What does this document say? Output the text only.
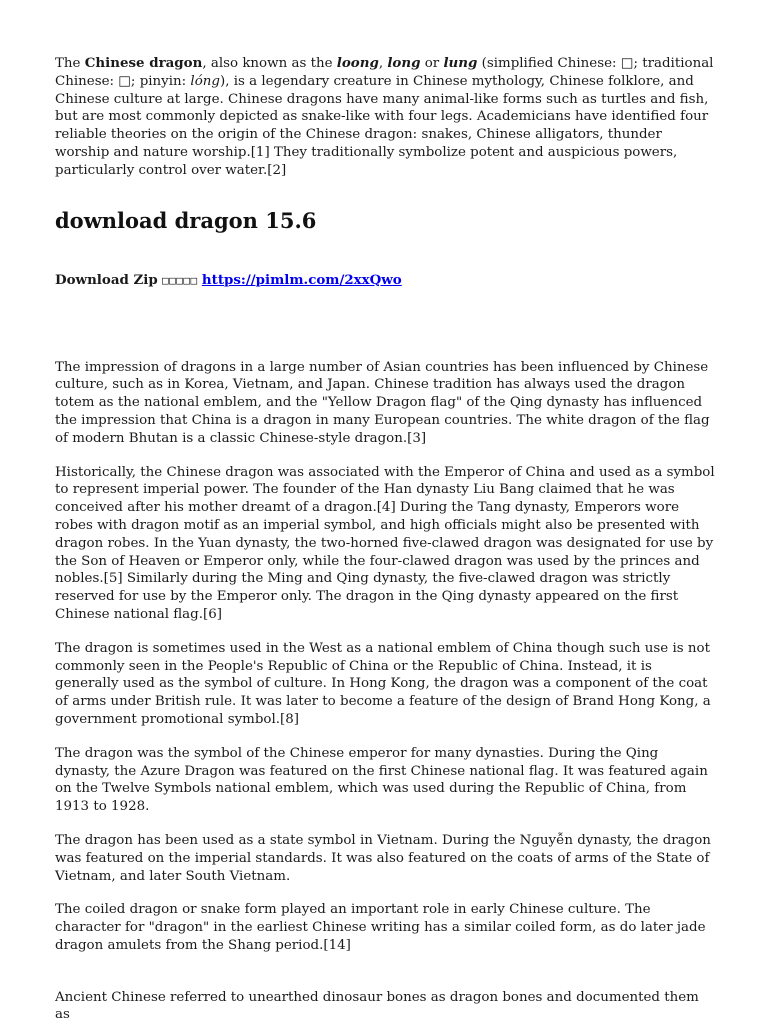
The Chinese dragon, also known as the loong, long or lung (simplified Chinese: □; traditional Chinese: □; pinyin: lóng), is a legendary creature in Chinese mythology, Chinese folklore, and Chinese culture at large. Chinese dragons have many animal-like forms such as turtles and fish, but are most commonly depicted as snake-like with four legs. Academicians have identified four reliable theories on the origin of the Chinese dragon: snakes, Chinese alligators, thunder worship and nature worship.[1] They traditionally symbolize potent and auspicious powers, particularly control over water.[2]

download dragon 15.6

Download Zip □□□□□ https://pimlm.com/2xxQwo

The impression of dragons in a large number of Asian countries has been influenced by Chinese culture, such as in Korea, Vietnam, and Japan. Chinese tradition has always used the dragon totem as the national emblem, and the "Yellow Dragon flag" of the Qing dynasty has influenced the impression that China is a dragon in many European countries. The white dragon of the flag of modern Bhutan is a classic Chinese-style dragon.[3]

Historically, the Chinese dragon was associated with the Emperor of China and used as a symbol to represent imperial power. The founder of the Han dynasty Liu Bang claimed that he was conceived after his mother dreamt of a dragon.[4] During the Tang dynasty, Emperors wore robes with dragon motif as an imperial symbol, and high officials might also be presented with dragon robes. In the Yuan dynasty, the two-horned five-clawed dragon was designated for use by the Son of Heaven or Emperor only, while the four-clawed dragon was used by the princes and nobles.[5] Similarly during the Ming and Qing dynasty, the five-clawed dragon was strictly reserved for use by the Emperor only. The dragon in the Qing dynasty appeared on the first Chinese national flag.[6]

The dragon is sometimes used in the West as a national emblem of China though such use is not commonly seen in the People's Republic of China or the Republic of China. Instead, it is generally used as the symbol of culture. In Hong Kong, the dragon was a component of the coat of arms under British rule. It was later to become a feature of the design of Brand Hong Kong, a government promotional symbol.[8]

The dragon was the symbol of the Chinese emperor for many dynasties. During the Qing dynasty, the Azure Dragon was featured on the first Chinese national flag. It was featured again on the Twelve Symbols national emblem, which was used during the Republic of China, from 1913 to 1928.

The dragon has been used as a state symbol in Vietnam. During the Nguyễn dynasty, the dragon was featured on the imperial standards. It was also featured on the coats of arms of the State of Vietnam, and later South Vietnam.

The coiled dragon or snake form played an important role in early Chinese culture. The character for "dragon" in the earliest Chinese writing has a similar coiled form, as do later jade dragon amulets from the Shang period.[14]

Ancient Chinese referred to unearthed dinosaur bones as dragon bones and documented them as
